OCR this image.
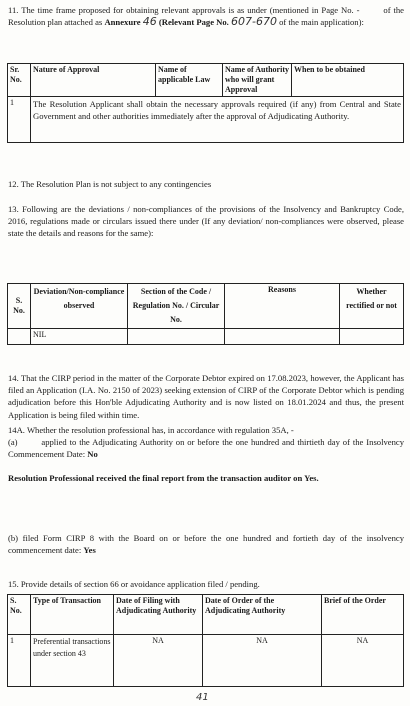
11. The time frame proposed for obtaining relevant approvals is as under (mentioned in Page No. -	of the Resolution plan attached as Annexure 46 (Relevant Page No. 607-670 of the main application):
Sr. No.	Nature of Approval	Name of applicable Law	Name of Authority who will grant Approval	When to be obtained
1	The Resolution Applicant shall obtain the necessary approvals required (if any) from Central and State Government and other authorities immediately after the approval of Adjudicating Authority.			
12. The Resolution Plan is not subject to any contingencies
13. Following are the deviations / non-compliances of the provisions of the Insolvency and Bankruptcy Code, 2016, regulations made or circulars issued there under (If any deviation/ non-compliances were observed, please state the details and reasons for the same):
S. No.	Deviation/Non-compliance observed	Section of the Code / Regulation No. / Circular No.	Reasons	Whether rectified or not
	NIL			
14. That the CIRP period in the matter of the Corporate Debtor expired on 17.08.2023, however, the Applicant has filed an Application (I.A. No. 2150 of 2023) seeking extension of CIRP of the Corporate Debtor which is pending adjudication before this Hon'ble Adjudicating Authority and is now listed on 18.01.2024 and thus, the present Application is being filed within time.
14A. Whether the resolution professional has, in accordance with regulation 35A, -
(a)	applied to the Adjudicating Authority on or before the one hundred and thirtieth day of the Insolvency Commencement Date: No
Resolution Professional received the final report from the transaction auditor on Yes.
(b) filed Form CIRP 8 with the Board on or before the one hundred and fortieth day of the insolvency commencement date: Yes
15. Provide details of section 66 or avoidance application filed / pending.
S. No.	Type of Transaction	Date of Filing with Adjudicating Authority	Date of Order of the Adjudicating Authority	Brief of the Order
1	Preferential transactions under section 43	NA	NA	NA
41
